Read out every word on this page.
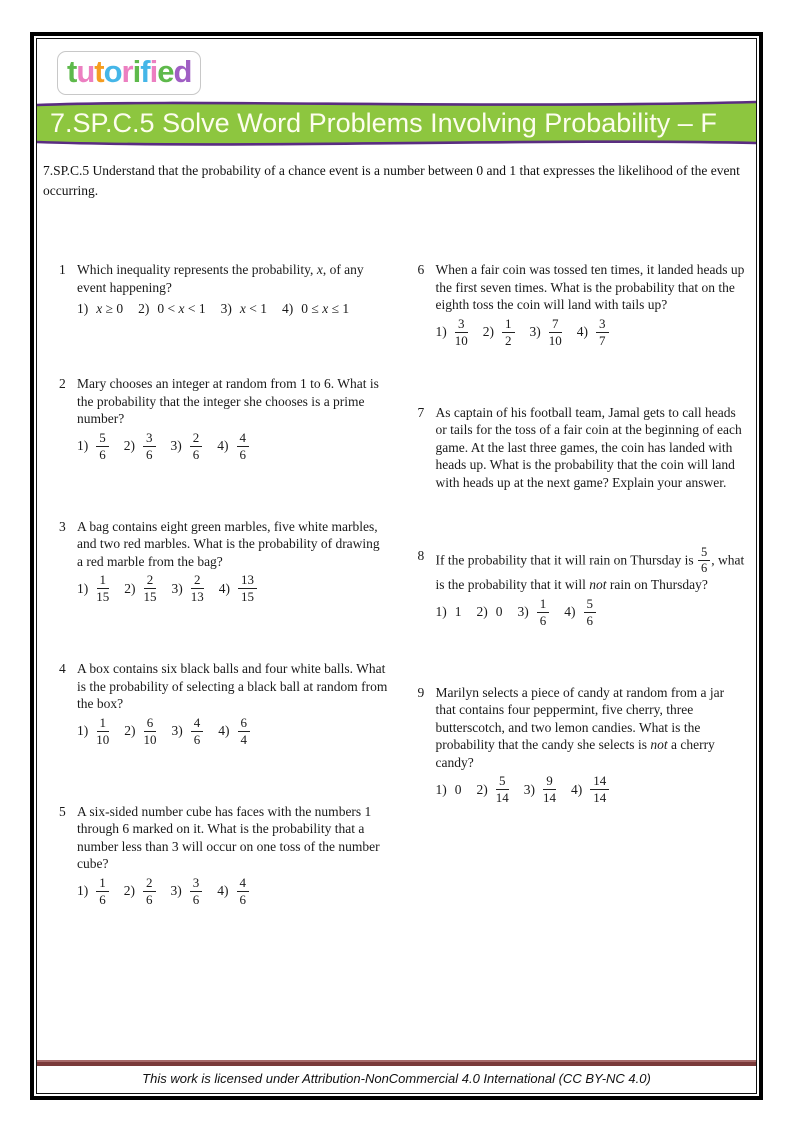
tutorified
7.SP.C.5 Solve Word Problems Involving Probability – F
7.SP.C.5 Understand that the probability of a chance event is a number between 0 and 1 that expresses the likelihood of the event occurring.
1 Which inequality represents the probability, x, of any event happening?
1) x ≥ 0 2) 0 < x < 1 3) x < 1 4) 0 ≤ x ≤ 1
2 Mary chooses an integer at random from 1 to 6. What is the probability that the integer she chooses is a prime number?
$1) \frac{5}{6} 2) \frac{3}{6} 3) \frac{2}{6} 4) \frac{4}{6}$
3 A bag contains eight green marbles, five white marbles, and two red marbles. What is the probability of drawing a red marble from the bag?
$1) \frac{1}{15} 2) \frac{2}{15} 3) \frac{2}{13} 4) \frac{13}{15}$
4 A box contains six black balls and four white balls. What is the probability of selecting a black ball at random from the box?
$1) \frac{1}{10} 2) \frac{6}{10} 3) \frac{4}{6} 4) \frac{6}{4}$
5 A six-sided number cube has faces with the numbers 1 through 6 marked on it. What is the probability that a number less than 3 will occur on one toss of the number cube?
$1) \frac{1}{6} 2) \frac{2}{6} 3) \frac{3}{6} 4) \frac{4}{6}$
6 When a fair coin was tossed ten times, it landed heads up the first seven times. What is the probability that on the eighth toss the coin will land with tails up?
$1) \frac{3}{10} 2) \frac{1}{2} 3) \frac{7}{10} 4) \frac{3}{7}$
7 As captain of his football team, Jamal gets to call heads or tails for the toss of a fair coin at the beginning of each game. At the last three games, the coin has landed with heads up. What is the probability that the coin will land with heads up at the next game? Explain your answer.
8 If the probability that it will rain on Thursday is $\frac{5}{6}$ , what is the probability that it will not rain on Thursday?
1) 1 2) 0 $3) \frac{1}{6} 4) \frac{5}{6}$
9 Marilyn selects a piece of candy at random from a jar that contains four peppermint, five cherry, three butterscotch, and two lemon candies. What is the probability that the candy she selects is not a cherry candy?
1) 0 $2) \frac{5}{14} 3) \frac{9}{14} 4) \frac{14}{14}$
This work is licensed under Attribution-NonCommercial 4.0 International (CC BY-NC 4.0)
